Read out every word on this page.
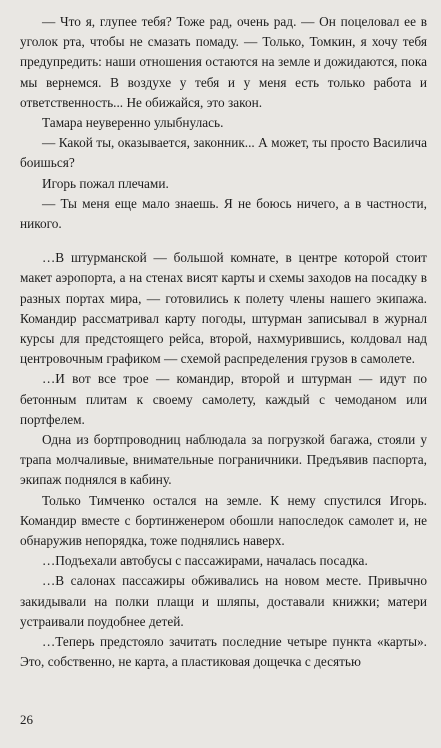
— Что я, глупее тебя? Тоже рад, очень рад. — Он поцеловал ее в уголок рта, чтобы не смазать помаду. — Только, Томкин, я хочу тебя предупредить: наши отношения остаются на земле и дожидаются, пока мы вернемся. В воздухе у тебя и у меня есть только работа и ответственность... Не обижайся, это закон.

Тамара неуверенно улыбнулась.

— Какой ты, оказывается, законник... А может, ты просто Василича боишься?

Игорь пожал плечами.

— Ты меня еще мало знаешь. Я не боюсь ничего, а в частности, никого.

…В штурманской — большой комнате, в центре которой стоит макет аэропорта, а на стенах висят карты и схемы заходов на посадку в разных портах мира, — готовились к полету члены нашего экипажа. Командир рассматривал карту погоды, штурман записывал в журнал курсы для предстоящего рейса, второй, нахмурившись, колдовал над центровочным графиком — схемой распределения грузов в самолете.

…И вот все трое — командир, второй и штурман — идут по бетонным плитам к своему самолету, каждый с чемоданом или портфелем.

Одна из бортпроводниц наблюдала за погрузкой багажа, стояли у трапа молчаливые, внимательные пограничники. Предъявив паспорта, экипаж поднялся в кабину.

Только Тимченко остался на земле. К нему спустился Игорь. Командир вместе с бортинженером обошли напоследок самолет и, не обнаружив непорядка, тоже поднялись наверх.

…Подъехали автобусы с пассажирами, началась посадка.

…В салонах пассажиры обживались на новом месте. Привычно закидывали на полки плащи и шляпы, доставали книжки; матери устраивали поудобнее детей.

…Теперь предстояло зачитать последние четыре пункта «карты». Это, собственно, не карта, а пластиковая дощечка с десятью

26
